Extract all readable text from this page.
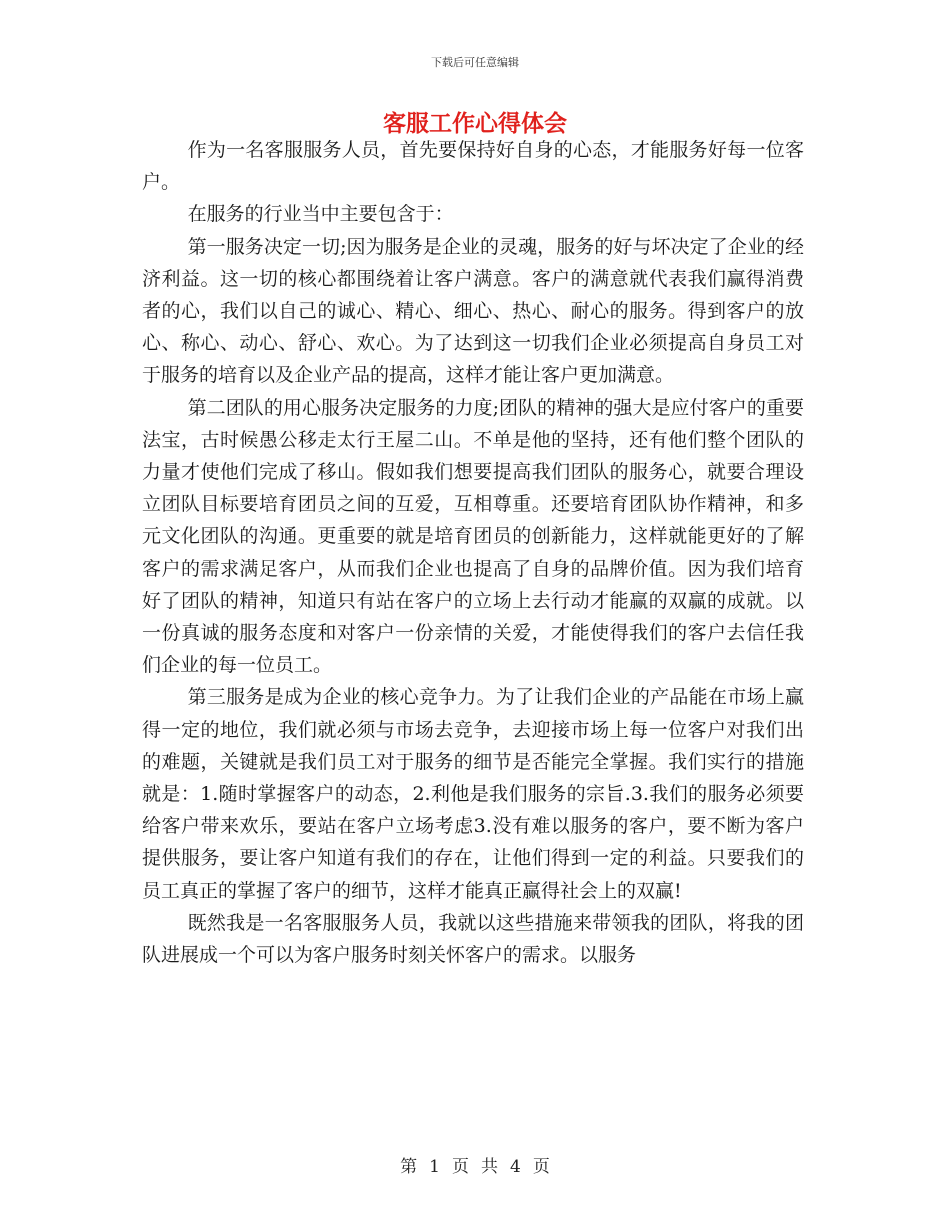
下载后可任意编辑
客服工作心得体会

作为一名客服服务人员，首先要保持好自身的心态，才能服务好每一位客户。

在服务的行业当中主要包含于：

第一服务决定一切;因为服务是企业的灵魂，服务的好与坏决定了企业的经济利益。这一切的核心都围绕着让客户满意。客户的满意就代表我们赢得消费者的心，我们以自己的诚心、精心、细心、热心、耐心的服务。得到客户的放心、称心、动心、舒心、欢心。为了达到这一切我们企业必须提高自身员工对于服务的培育以及企业产品的提高，这样才能让客户更加满意。

第二团队的用心服务决定服务的力度;团队的精神的强大是应付客户的重要法宝，古时候愚公移走太行王屋二山。不单是他的坚持，还有他们整个团队的力量才使他们完成了移山。假如我们想要提高我们团队的服务心，就要合理设立团队目标要培育团员之间的互爱，互相尊重。还要培育团队协作精神，和多元文化团队的沟通。更重要的就是培育团员的创新能力，这样就能更好的了解客户的需求满足客户，从而我们企业也提高了自身的品牌价值。因为我们培育好了团队的精神，知道只有站在客户的立场上去行动才能赢的双赢的成就。以一份真诚的服务态度和对客户一份亲情的关爱，才能使得我们的客户去信任我们企业的每一位员工。

第三服务是成为企业的核心竞争力。为了让我们企业的产品能在市场上赢得一定的地位，我们就必须与市场去竞争，去迎接市场上每一位客户对我们出的难题，关键就是我们员工对于服务的细节是否能完全掌握。我们实行的措施就是：1.随时掌握客户的动态，2.利他是我们服务的宗旨.3.我们的服务必须要给客户带来欢乐，要站在客户立场考虑3.没有难以服务的客户，要不断为客户提供服务，要让客户知道有我们的存在，让他们得到一定的利益。只要我们的员工真正的掌握了客户的细节，这样才能真正赢得社会上的双赢!

既然我是一名客服服务人员，我就以这些措施来带领我的团队，将我的团队进展成一个可以为客户服务时刻关怀客户的需求。以服务

第 1 页 共 4 页
